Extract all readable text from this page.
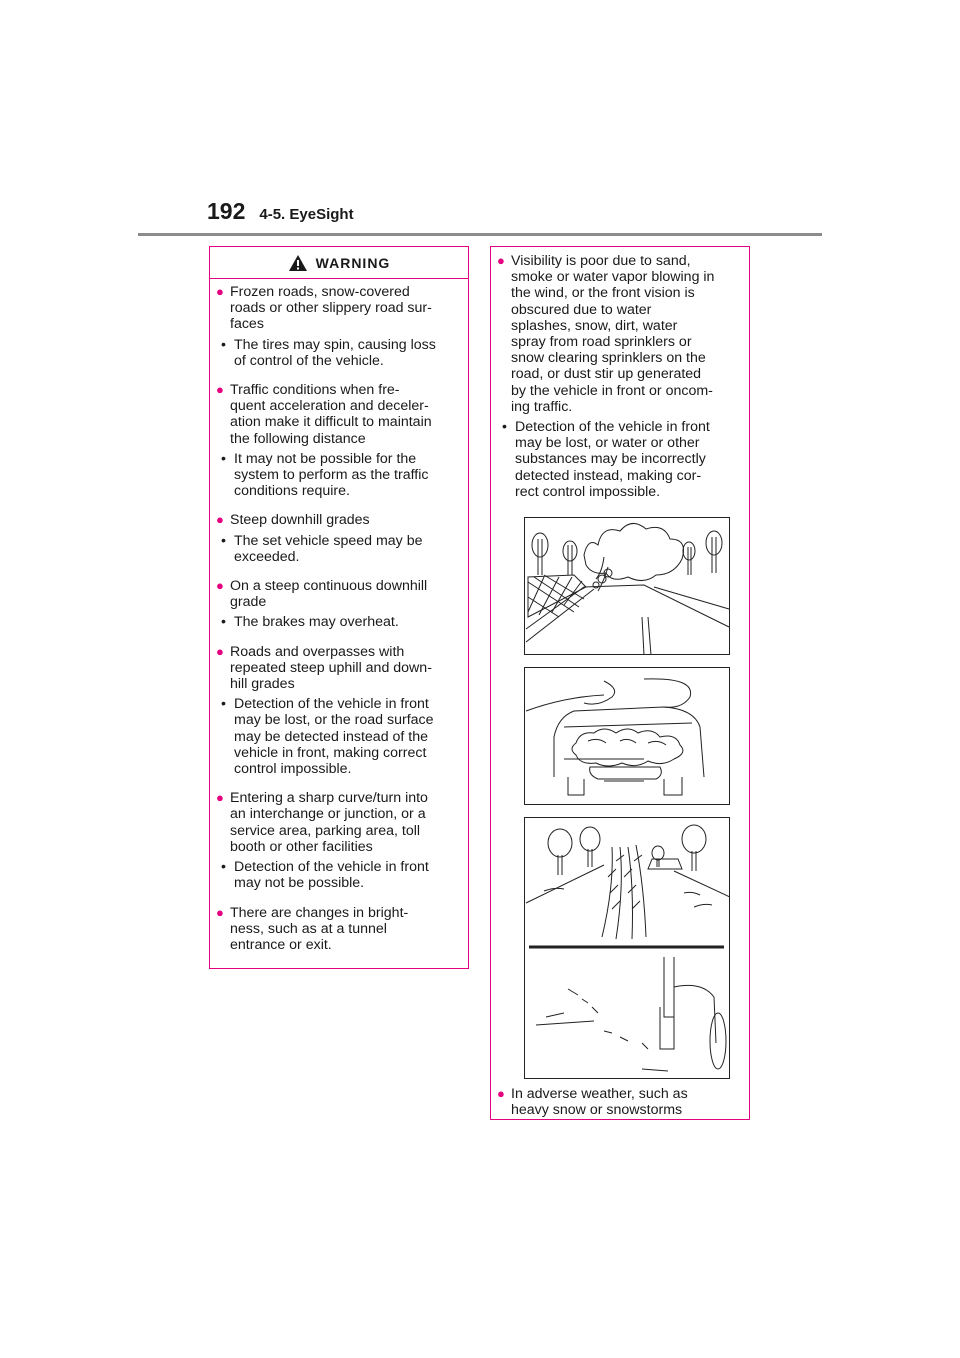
192 4-5. EyeSight
WARNING
● Frozen roads, snow-covered
roads or other slippery road sur-
faces
• The tires may spin, causing loss
of control of the vehicle.
● Traffic conditions when fre-
quent acceleration and deceler-
ation make it difficult to maintain
the following distance
• It may not be possible for the
system to perform as the traffic
conditions require.
● Steep downhill grades
• The set vehicle speed may be
exceeded.
● On a steep continuous downhill
grade
• The brakes may overheat.
● Roads and overpasses with
repeated steep uphill and down-
hill grades
• Detection of the vehicle in front
may be lost, or the road surface
may be detected instead of the
vehicle in front, making correct
control impossible.
● Entering a sharp curve/turn into
an interchange or junction, or a
service area, parking area, toll
booth or other facilities
• Detection of the vehicle in front
may not be possible.
● There are changes in bright-
ness, such as at a tunnel
entrance or exit.
● Visibility is poor due to sand,
smoke or water vapor blowing in
the wind, or the front vision is
obscured due to water
splashes, snow, dirt, water
spray from road sprinklers or
snow clearing sprinklers on the
road, or dust stir up generated
by the vehicle in front or oncom-
ing traffic.
• Detection of the vehicle in front
may be lost, or water or other
substances may be incorrectly
detected instead, making cor-
rect control impossible.
● In adverse weather, such as
heavy snow or snowstorms
